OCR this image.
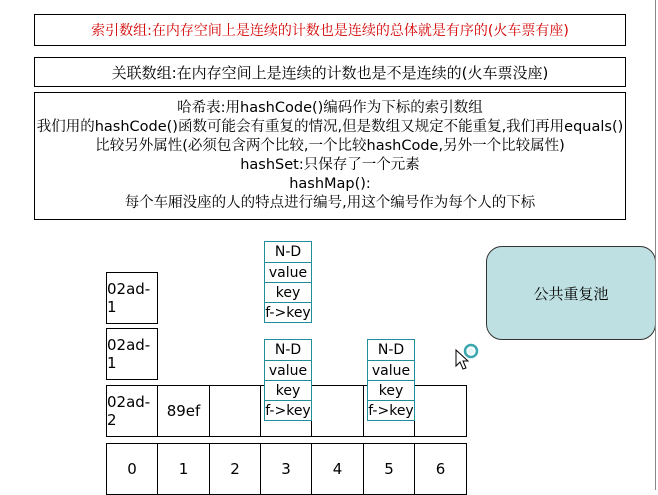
索引数组:在内存空间上是连续的计数也是连续的总体就是有序的(火车票有座)
关联数组:在内存空间上是连续的计数也是不是连续的(火车票没座)
哈希表:用hashCode()编码作为下标的索引数组
我们用的hashCode()函数可能会有重复的情况,但是数组又规定不能重复,我们再用equals()
比较另外属性(必须包含两个比较,一个比较hashCode,另外一个比较属性)
hashSet:只保存了一个元素
hashMap():
每个车厢没座的人的特点进行编号,用这个编号作为每个人的下标
公共重复池
02ad-1
02ad-1
02ad-2	89ef
0	1	2	3	4	5	6
N-D
value
key
f->key
N-D
value
key
f->key
N-D
value
key
f->key
